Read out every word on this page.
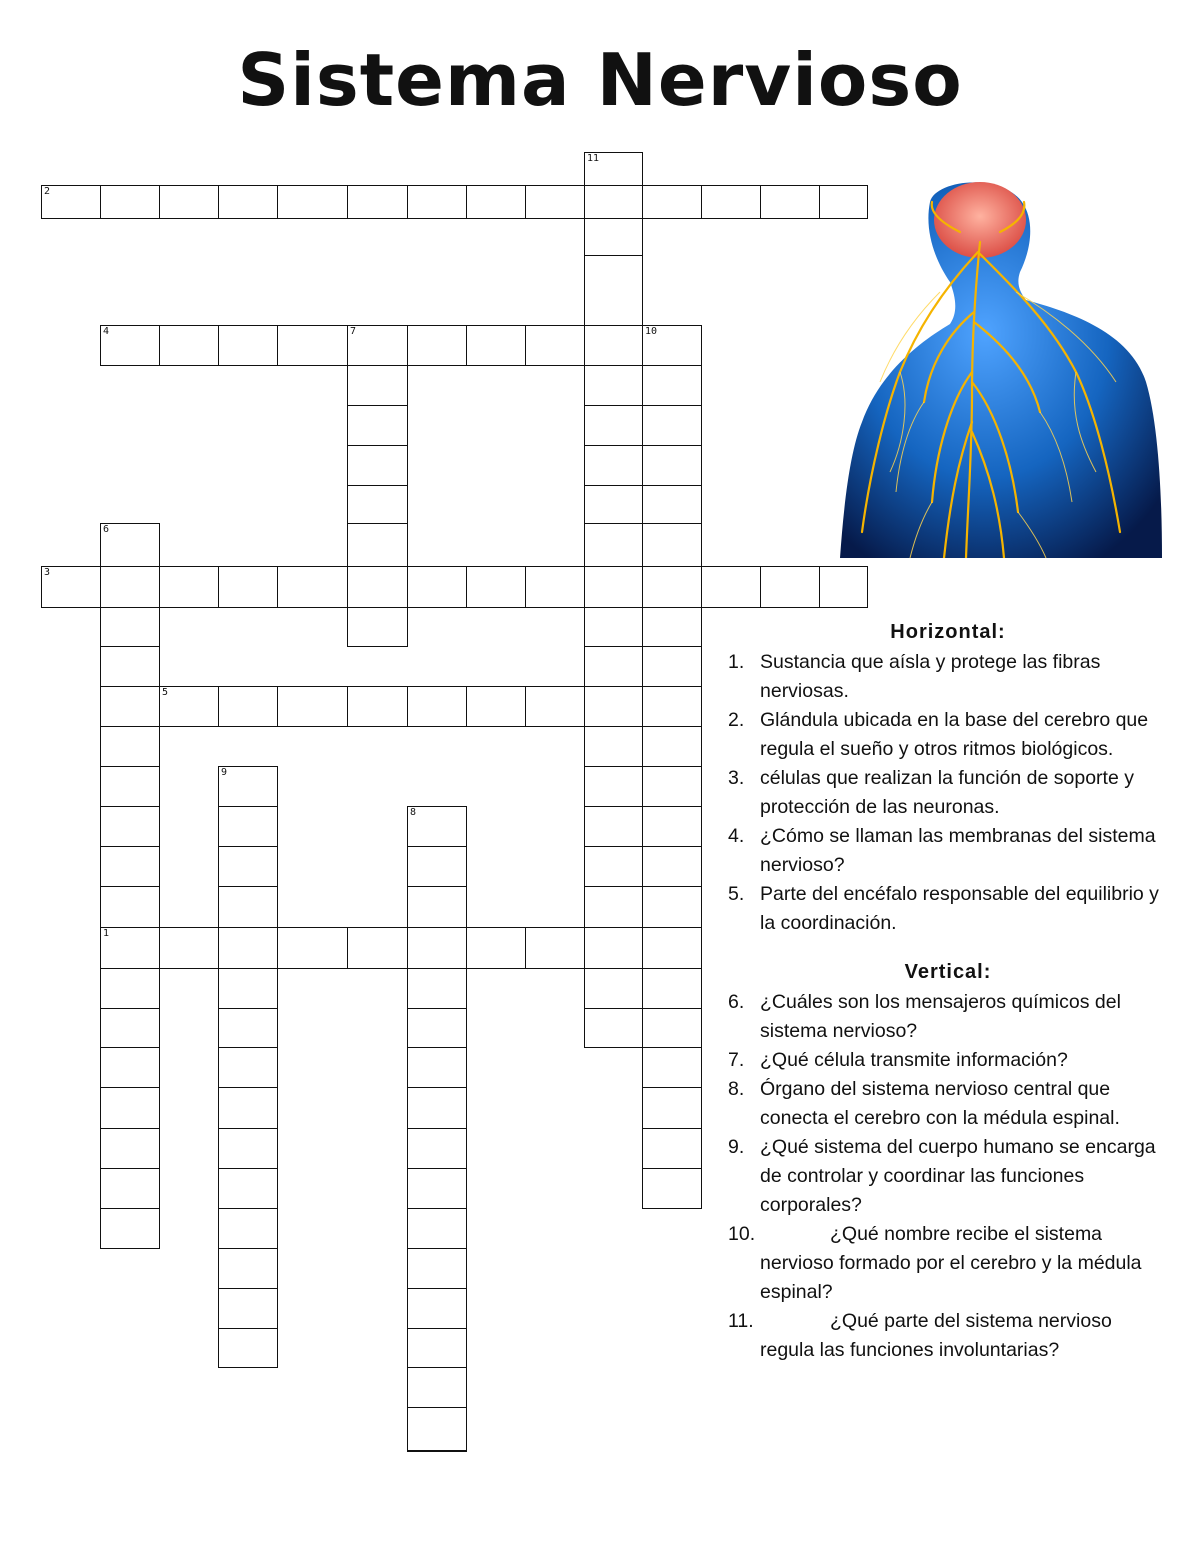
Sistema Nervioso
1
2
3
4	7	10
5
6
8
9
11

Horizontal:

1. Sustancia que aísla y protege las fibras nerviosas.
2. Glándula ubicada en la base del cerebro que regula el sueño y otros ritmos biológicos.
3. células que realizan la función de soporte y protección de las neuronas.
4. ¿Cómo se llaman las membranas del sistema nervioso?
5. Parte del encéfalo responsable del equilibrio y la coordinación.

Vertical:

6. ¿Cuáles son los mensajeros químicos del sistema nervioso?
7. ¿Qué célula transmite información?
8. Órgano del sistema nervioso central que conecta el cerebro con la médula espinal.
9. ¿Qué sistema del cuerpo humano se encarga de controlar y coordinar las funciones corporales?
10.	¿Qué nombre recibe el sistema nervioso formado por el cerebro y la médula espinal?
11.	¿Qué parte del sistema nervioso regula las funciones involuntarias?
